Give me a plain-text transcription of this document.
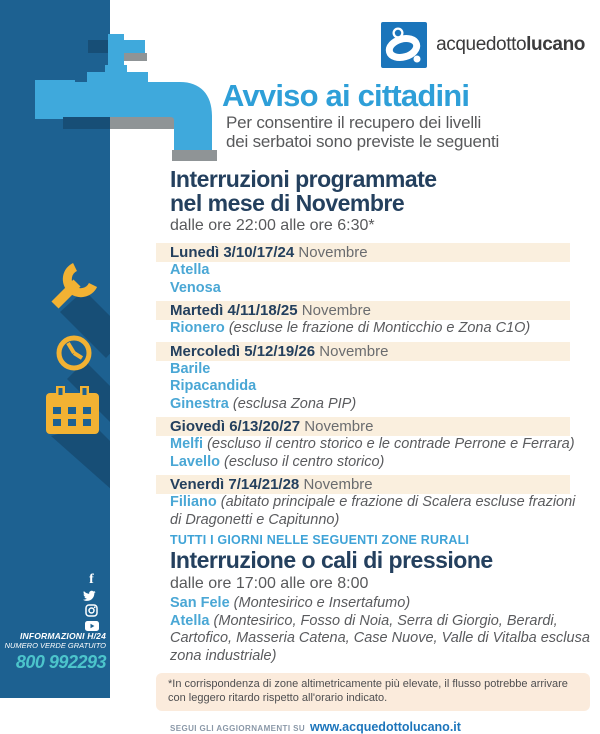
f
INFORMAZIONI H/24
NUMERO VERDE GRATUITO
800 992293
acquedottolucano
Avviso ai cittadini
Per consentire il recupero dei livelli
dei serbatoi sono previste le seguenti
Interruzioni programmate
nel mese di Novembre
dalle ore 22:00 alle ore 6:30*
Lunedì 3/10/17/24 Novembre
Atella
Venosa
Martedì 4/11/18/25 Novembre
Rionero (escluse le frazione di Monticchio e Zona C1O)
Mercoledì 5/12/19/26 Novembre
Barile
Ripacandida
Ginestra (esclusa Zona PIP)
Giovedì 6/13/20/27 Novembre
Melfi (escluso il centro storico e le contrade Perrone e Ferrara)
Lavello (escluso il centro storico)
Venerdì 7/14/21/28 Novembre
Filiano (abitato principale e frazione di Scalera escluse frazioni di Dragonetti e Capitunno)
TUTTI I GIORNI NELLE SEGUENTI ZONE RURALI
Interruzione o cali di pressione
dalle ore 17:00 alle ore 8:00
San Fele (Montesirico e Insertafumo)
Atella (Montesirico, Fosso di Noia, Serra di Giorgio, Berardi, Cartofico, Masseria Catena, Case Nuove, Valle di Vitalba esclusa zona industriale)
*In corrispondenza di zone altimetricamente più elevate, il flusso potrebbe arrivare con leggero ritardo rispetto all'orario indicato.
SEGUI GLI AGGIORNAMENTI SU www.acquedottolucano.it
